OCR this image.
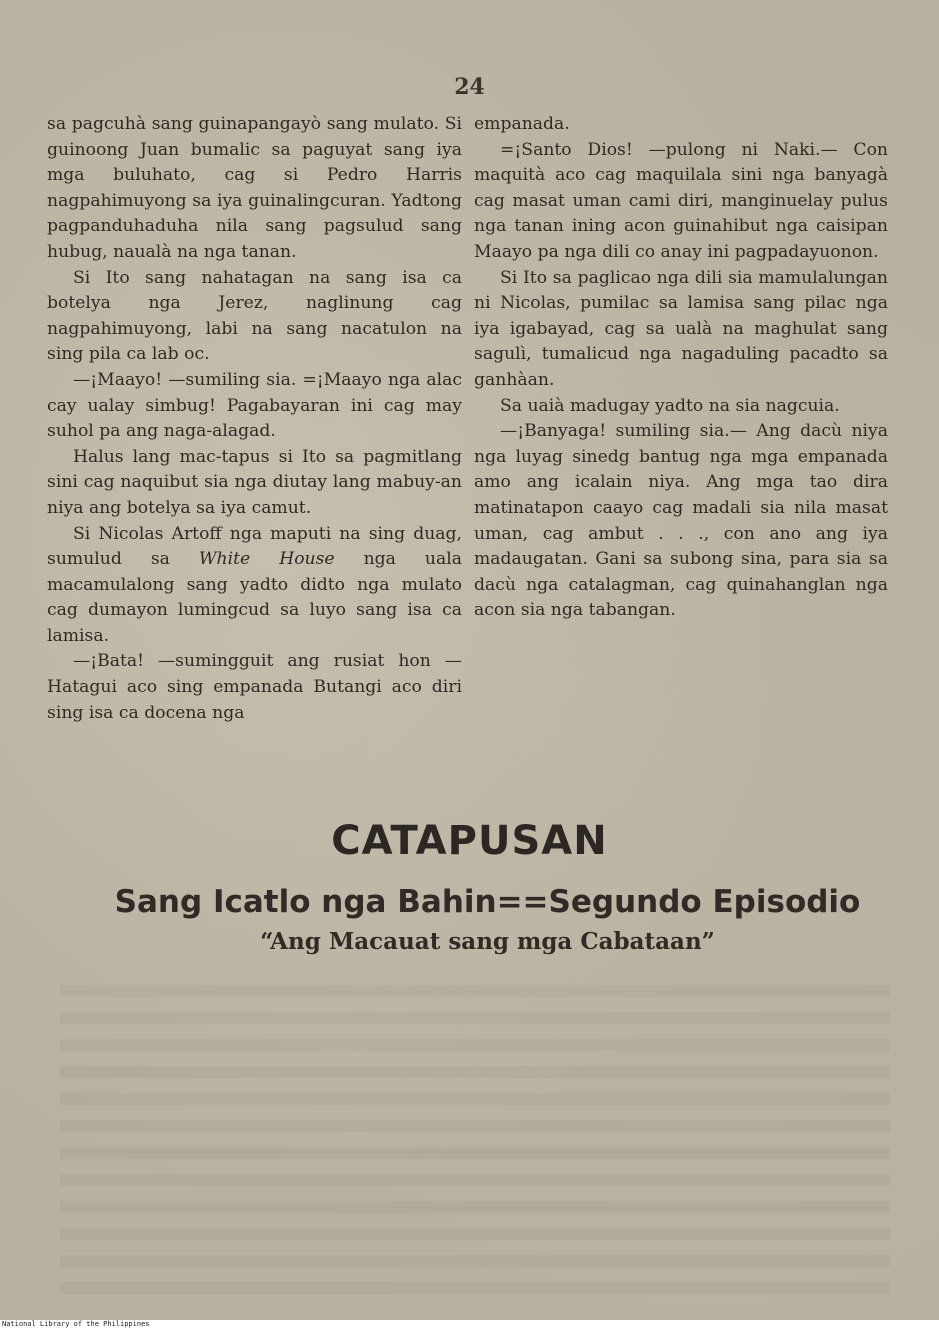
24

sa pagcuhà sang guinapangayò sang mulato. Si guinoong Juan bumalic sa paguyat sang iya mga buluhato, cag si Pedro Harris nagpahimuyong sa iya guinalingcuran. Yadtong pagpanduhaduha nila sang pagsulud sang hubug, naualà na nga tanan.

Si Ito sang nahatagan na sang isa ca botelya nga Jerez, naglinung cag nagpahimuyong, labi na sang nacatulon na sing pila ca lab oc.

—¡Maayo! —sumiling sia. =¡Maayo nga alac cay ualay simbug! Pagabayaran ini cag may suhol pa ang naga-alagad.

Halus lang mac-tapus si Ito sa pagmitlang sini cag naquibut sia nga diutay lang mabuy-an niya ang botelya sa iya camut.

Si Nicolas Artoff nga maputi na sing duag, sumulud sa White House nga uala macamulalong sang yadto didto nga mulato cag dumayon lumingcud sa luyo sang isa ca lamisa.

—¡Bata! —sumingguit ang rusiat hon —Hatagui aco sing empanada Butangi aco diri sing isa ca docena nga

empanada.

=¡Santo Dios! —pulong ni Naki.— Con maquità aco cag maquilala sini nga banyagà cag masat uman cami diri, manginuelay pulus nga tanan ining acon guinahibut nga caisipan Maayo pa nga dili co anay ini pagpadayuonon.

Si Ito sa paglicao nga dili sia mamulalungan ni Nicolas, pumilac sa lamisa sang pilac nga iya igabayad, cag sa ualà na maghulat sang sagulì, tumalicud nga nagaduling pacadto sa ganhàan.

Sa uaià madugay yadto na sia nagcuia.

—¡Banyaga! sumiling sia.— Ang dacù niya nga luyag sinedg bantug nga mga empanada amo ang icalain niya. Ang mga tao dira matinatapon caayo cag madali sia nila masat uman, cag ambut . . ., con ano ang iya madaugatan. Gani sa subong sina, para sia sa dacù nga catalagman, cag quinahanglan nga acon sia nga tabangan.

CATAPUSAN
Sang Icatlo nga Bahin==Segundo Episodio
“Ang Macauat sang mga Cabataan”
National Library of the Philippines
